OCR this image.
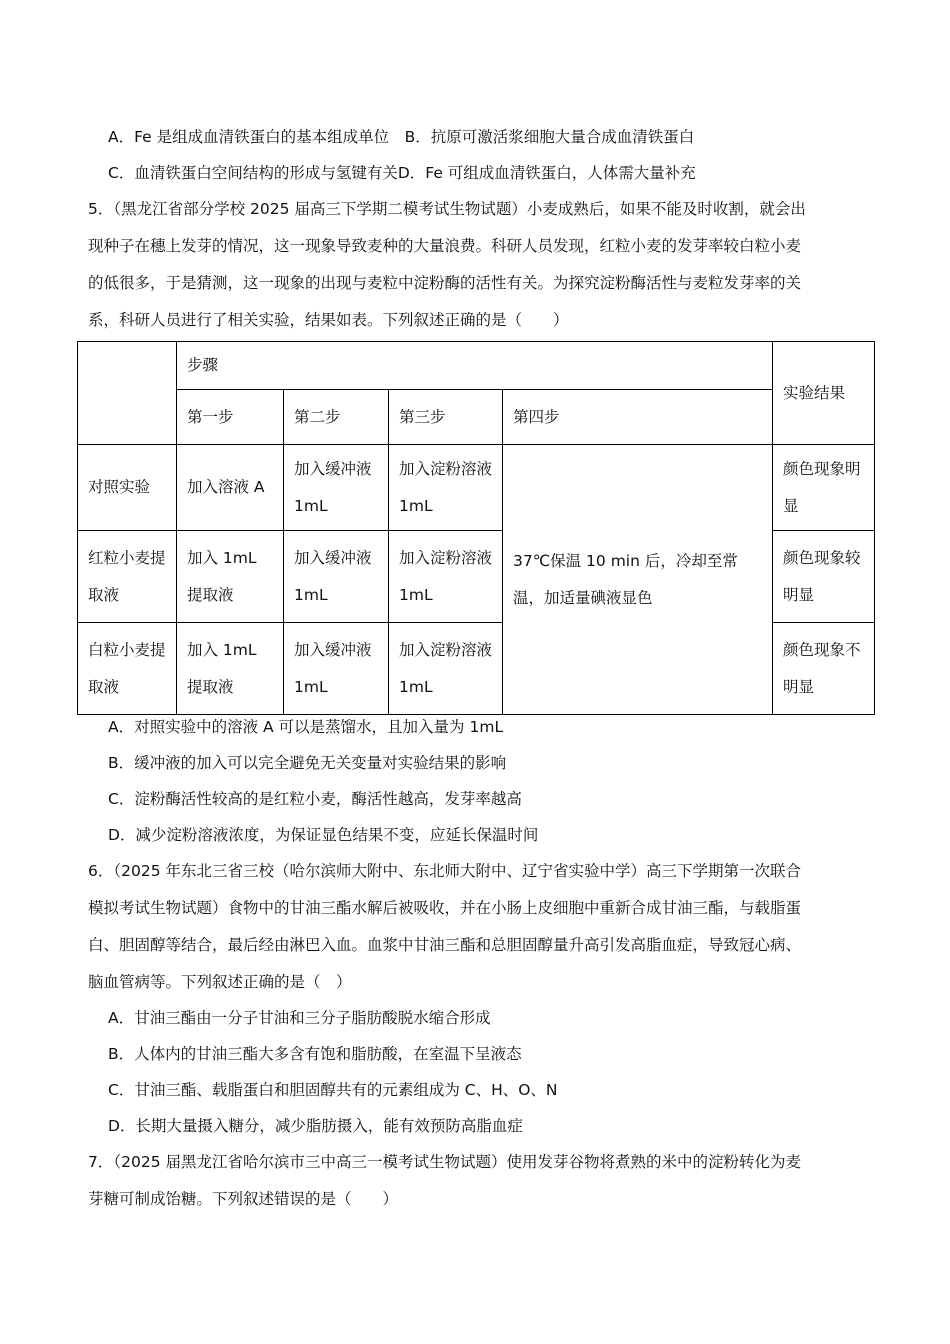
A．Fe 是组成血清铁蛋白的基本组成单位  B．抗原可激活浆细胞大量合成血清铁蛋白
C．血清铁蛋白空间结构的形成与氢键有关D．Fe 可组成血清铁蛋白，人体需大量补充
5．（黑龙江省部分学校 2025 届高三下学期二模考试生物试题）小麦成熟后，如果不能及时收割，就会出
现种子在穗上发芽的情况，这一现象导致麦种的大量浪费。科研人员发现，红粒小麦的发芽率较白粒小麦
的低很多，于是猜测，这一现象的出现与麦粒中淀粉酶的活性有关。为探究淀粉酶活性与麦粒发芽率的关
系，科研人员进行了相关实验，结果如表。下列叙述正确的是（　　）
	步骤				实验结果
	第一步	第二步	第三步	第四步	
对照实验	加入溶液 A	加入缓冲液 1mL	加入淀粉溶液 1mL	37℃保温 10 min 后，冷却至常温，加适量碘液显色	颜色现象明显
红粒小麦提取液	加入 1mL 提取液	加入缓冲液 1mL	加入淀粉溶液 1mL		颜色现象较明显
白粒小麦提取液	加入 1mL 提取液	加入缓冲液 1mL	加入淀粉溶液 1mL		颜色现象不明显
A．对照实验中的溶液 A 可以是蒸馏水，且加入量为 1mL
B．缓冲液的加入可以完全避免无关变量对实验结果的影响
C．淀粉酶活性较高的是红粒小麦，酶活性越高，发芽率越高
D．减少淀粉溶液浓度，为保证显色结果不变，应延长保温时间
6．（2025 年东北三省三校（哈尔滨师大附中、东北师大附中、辽宁省实验中学）高三下学期第一次联合
模拟考试生物试题）食物中的甘油三酯水解后被吸收，并在小肠上皮细胞中重新合成甘油三酯，与载脂蛋
白、胆固醇等结合，最后经由淋巴入血。血浆中甘油三酯和总胆固醇量升高引发高脂血症，导致冠心病、
脑血管病等。下列叙述正确的是（　）
A．甘油三酯由一分子甘油和三分子脂肪酸脱水缩合形成
B．人体内的甘油三酯大多含有饱和脂肪酸，在室温下呈液态
C．甘油三酯、载脂蛋白和胆固醇共有的元素组成为 C、H、O、N
D．长期大量摄入糖分，减少脂肪摄入，能有效预防高脂血症
7．（2025 届黑龙江省哈尔滨市三中高三一模考试生物试题）使用发芽谷物将煮熟的米中的淀粉转化为麦
芽糖可制成饴糖。下列叙述错误的是（　　）
